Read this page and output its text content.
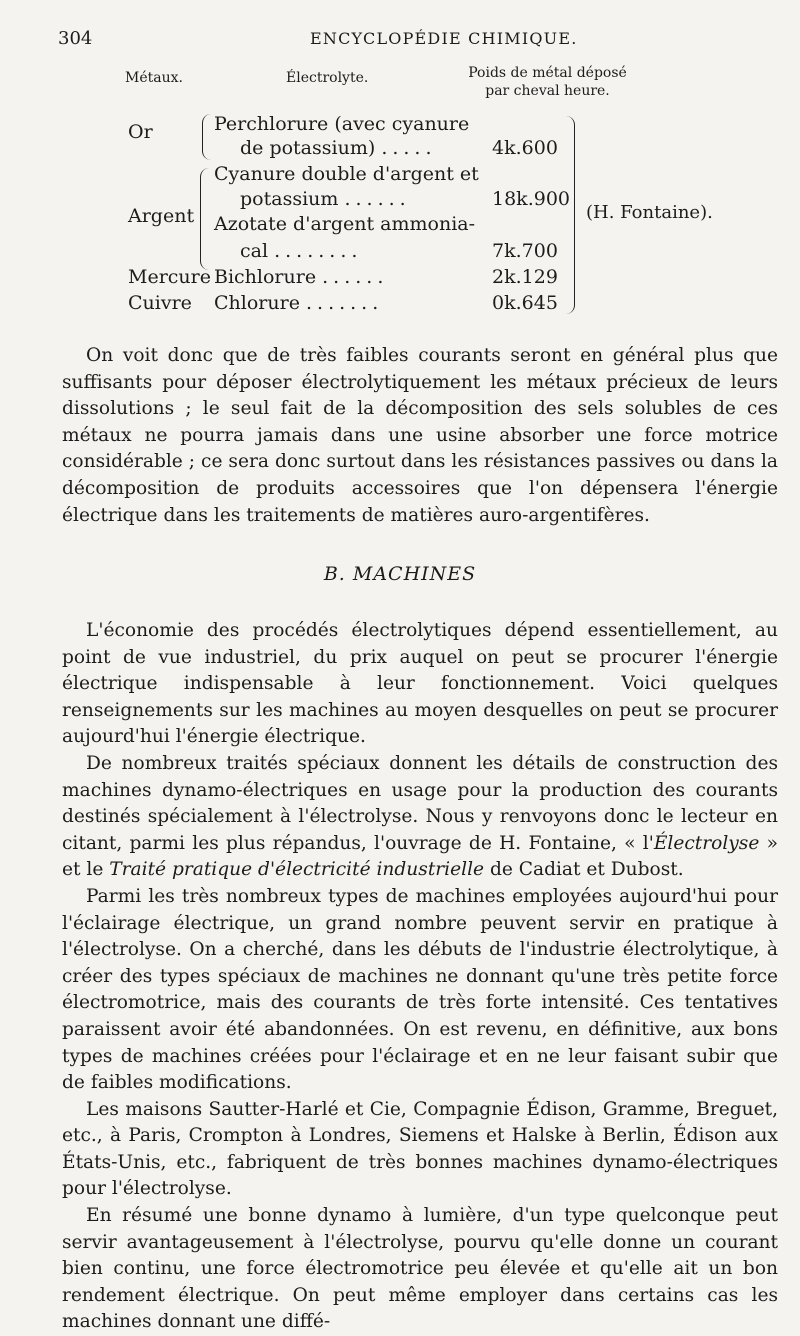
304	ENCYCLOPÉDIE CHIMIQUE.
Métaux.	Électrolyte.	Poids de métal déposé
par cheval heure.
Or	Perchlorure (avec cyanure
de potassium) .....	4k.600
Argent
Cyanure double d'argent et
potassium ......	18k.900
Azotate d'argent ammonia-
cal ........	7k.700
Mercure Bichlorure ......	2k.129
Cuivre Chlorure .......	0k.645
(H. Fontaine).

On voit donc que de très faibles courants seront en général plus que suffisants pour déposer électrolytiquement les métaux précieux de leurs dissolutions ; le seul fait de la décomposition des sels solubles de ces métaux ne pourra jamais dans une usine absorber une force motrice considérable ; ce sera donc surtout dans les résistances passives ou dans la décomposition de produits accessoires que l'on dépensera l'énergie électrique dans les traitements de matières auro-argentifères.

B. MACHINES

L'économie des procédés électrolytiques dépend essentiellement, au point de vue industriel, du prix auquel on peut se procurer l'énergie électrique indispensable à leur fonctionnement. Voici quelques renseignements sur les machines au moyen desquelles on peut se procurer aujourd'hui l'énergie électrique.

De nombreux traités spéciaux donnent les détails de construction des machines dynamo-électriques en usage pour la production des courants destinés spécialement à l'électrolyse. Nous y renvoyons donc le lecteur en citant, parmi les plus répandus, l'ouvrage de H. Fontaine, « l'Électrolyse » et le Traité pratique d'électricité industrielle de Cadiat et Dubost.

Parmi les très nombreux types de machines employées aujourd'hui pour l'éclairage électrique, un grand nombre peuvent servir en pratique à l'électrolyse. On a cherché, dans les débuts de l'industrie électrolytique, à créer des types spéciaux de machines ne donnant qu'une très petite force électromotrice, mais des courants de très forte intensité. Ces tentatives paraissent avoir été abandonnées. On est revenu, en définitive, aux bons types de machines créées pour l'éclairage et en ne leur faisant subir que de faibles modifications.

Les maisons Sautter-Harlé et Cie, Compagnie Édison, Gramme, Breguet, etc., à Paris, Crompton à Londres, Siemens et Halske à Berlin, Édison aux États-Unis, etc., fabriquent de très bonnes machines dynamo-électriques pour l'électrolyse.

En résumé une bonne dynamo à lumière, d'un type quelconque peut servir avantageusement à l'électrolyse, pourvu qu'elle donne un courant bien continu, une force électromotrice peu élevée et qu'elle ait un bon rendement électrique. On peut même employer dans certains cas les machines donnant une diffé-
